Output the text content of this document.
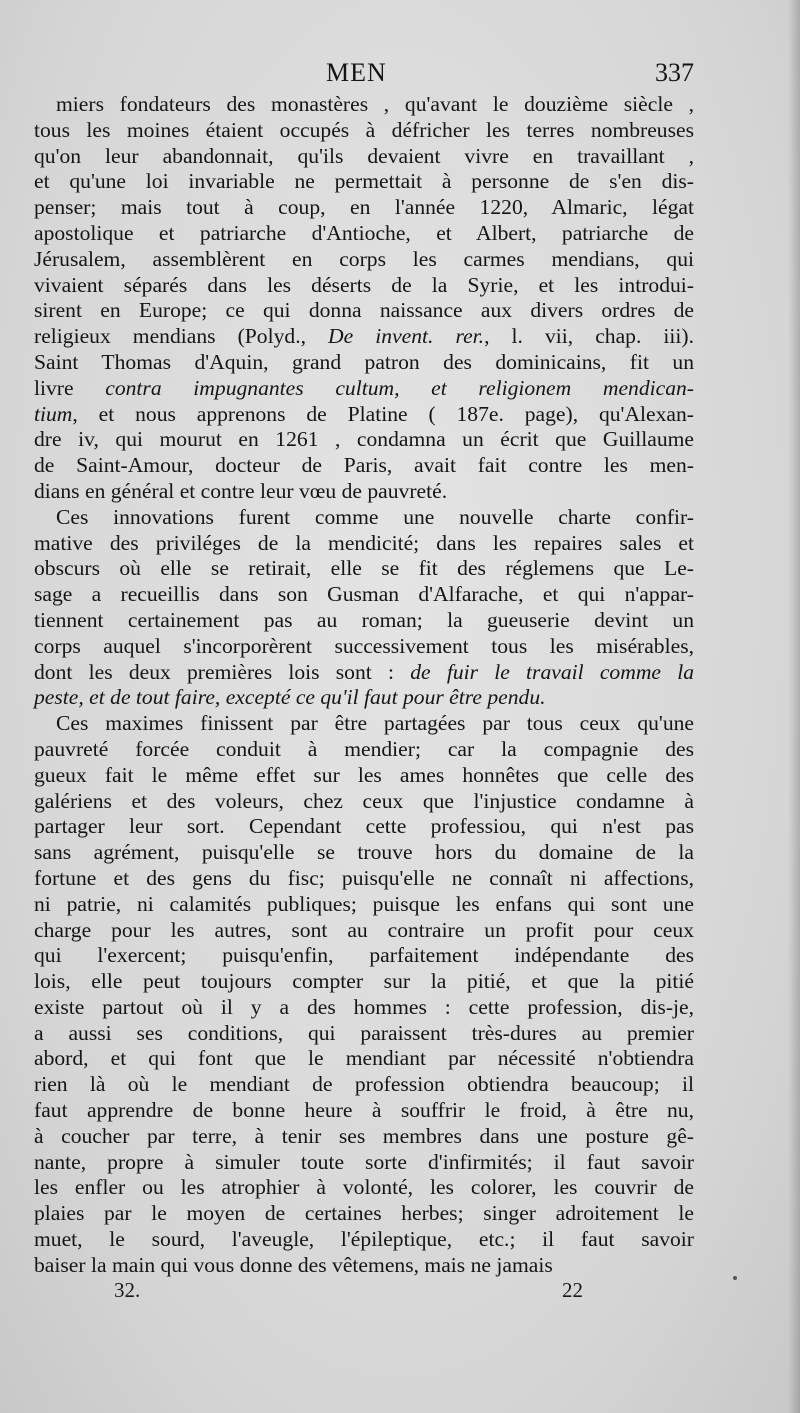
MEN	337

miers fondateurs des monastères , qu'avant le douzième siècle ,
tous les moines étaient occupés à défricher les terres nombreuses
qu'on leur abandonnait, qu'ils devaient vivre en travaillant ,
et qu'une loi invariable ne permettait à personne de s'en dis-
penser; mais tout à coup, en l'année 1220, Almaric, légat
apostolique et patriarche d'Antioche, et Albert, patriarche de
Jérusalem, assemblèrent en corps les carmes mendians, qui
vivaient séparés dans les déserts de la Syrie, et les introdui-
sirent en Europe; ce qui donna naissance aux divers ordres de
religieux mendians (Polyd., De invent. rer., l. vii, chap. iii).
Saint Thomas d'Aquin, grand patron des dominicains, fit un
livre contra impugnantes cultum, et religionem mendican-
tium, et nous apprenons de Platine ( 187e. page), qu'Alexan-
dre iv, qui mourut en 1261 , condamna un écrit que Guillaume
de Saint-Amour, docteur de Paris, avait fait contre les men-
dians en général et contre leur vœu de pauvreté.

Ces innovations furent comme une nouvelle charte confir-
mative des priviléges de la mendicité; dans les repaires sales et
obscurs où elle se retirait, elle se fit des réglemens que Le-
sage a recueillis dans son Gusman d'Alfarache, et qui n'appar-
tiennent certainement pas au roman; la gueuserie devint un
corps auquel s'incorporèrent successivement tous les misérables,
dont les deux premières lois sont : de fuir le travail comme la
peste, et de tout faire, excepté ce qu'il faut pour être pendu.

Ces maximes finissent par être partagées par tous ceux qu'une
pauvreté forcée conduit à mendier; car la compagnie des
gueux fait le même effet sur les ames honnêtes que celle des
galériens et des voleurs, chez ceux que l'injustice condamne à
partager leur sort. Cependant cette professiou, qui n'est pas
sans agrément, puisqu'elle se trouve hors du domaine de la
fortune et des gens du fisc; puisqu'elle ne connaît ni affections,
ni patrie, ni calamités publiques; puisque les enfans qui sont une
charge pour les autres, sont au contraire un profit pour ceux
qui l'exercent; puisqu'enfin, parfaitement indépendante des
lois, elle peut toujours compter sur la pitié, et que la pitié
existe partout où il y a des hommes : cette profession, dis-je,
a aussi ses conditions, qui paraissent très-dures au premier
abord, et qui font que le mendiant par nécessité n'obtiendra
rien là où le mendiant de profession obtiendra beaucoup; il
faut apprendre de bonne heure à souffrir le froid, à être nu,
à coucher par terre, à tenir ses membres dans une posture gê-
nante, propre à simuler toute sorte d'infirmités; il faut savoir
les enfler ou les atrophier à volonté, les colorer, les couvrir de
plaies par le moyen de certaines herbes; singer adroitement le
muet, le sourd, l'aveugle, l'épileptique, etc.; il faut savoir
baiser la main qui vous donne des vêtemens, mais ne jamais

32.	22
